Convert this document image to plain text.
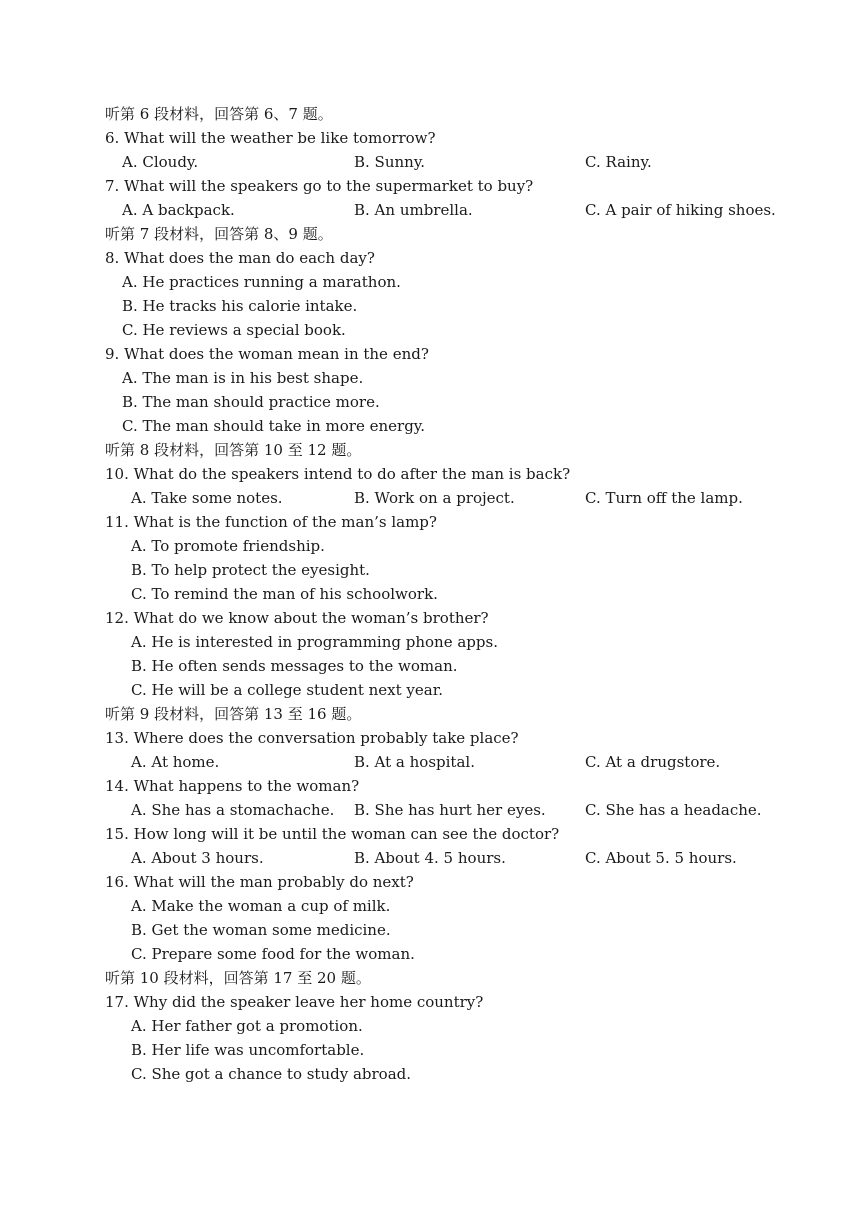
听第 6 段材料，回答第 6、7 题。
6. What will the weather be like tomorrow?
A. Cloudy.	B. Sunny.	C. Rainy.
7. What will the speakers go to the supermarket to buy?
A. A backpack.	B. An umbrella.	C. A pair of hiking shoes.
听第 7 段材料，回答第 8、9 题。
8. What does the man do each day?
A. He practices running a marathon.
B. He tracks his calorie intake.
C. He reviews a special book.
9. What does the woman mean in the end?
A. The man is in his best shape.
B. The man should practice more.
C. The man should take in more energy.
听第 8 段材料，回答第 10 至 12 题。
10. What do the speakers intend to do after the man is back?
A. Take some notes.	B. Work on a project.	C. Turn off the lamp.
11. What is the function of the man’s lamp?
A. To promote friendship.
B. To help protect the eyesight.
C. To remind the man of his schoolwork.
12. What do we know about the woman’s brother?
A. He is interested in programming phone apps.
B. He often sends messages to the woman.
C. He will be a college student next year.
听第 9 段材料，回答第 13 至 16 题。
13. Where does the conversation probably take place?
A. At home.	B. At a hospital.	C. At a drugstore.
14. What happens to the woman?
A. She has a stomachache. B. She has hurt her eyes.	C. She has a headache.
15. How long will it be until the woman can see the doctor?
A. About 3 hours.	B. About 4. 5 hours.	C. About 5. 5 hours.
16. What will the man probably do next?
A. Make the woman a cup of milk.
B. Get the woman some medicine.
C. Prepare some food for the woman.
听第 10 段材料，回答第 17 至 20 题。
17. Why did the speaker leave her home country?
A. Her father got a promotion.
B. Her life was uncomfortable.
C. She got a chance to study abroad.
